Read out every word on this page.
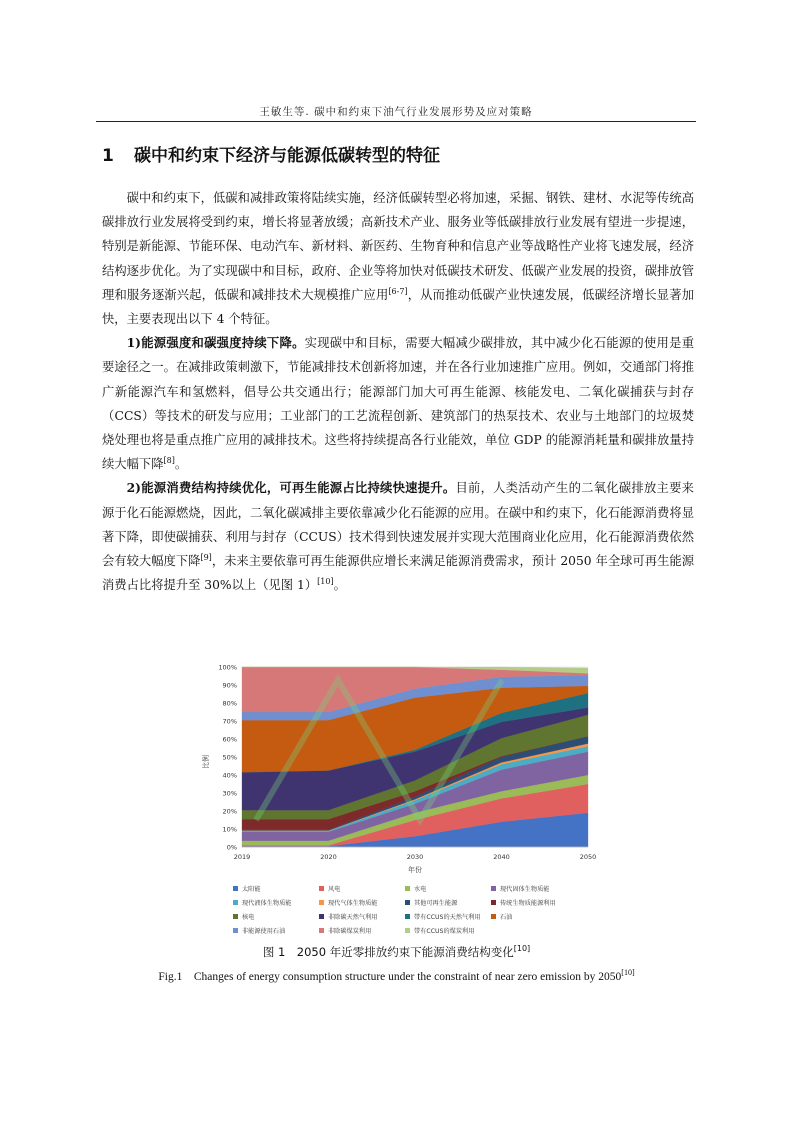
王敏生等. 碳中和约束下油气行业发展形势及应对策略
1 碳中和约束下经济与能源低碳转型的特征

碳中和约束下，低碳和减排政策将陆续实施，经济低碳转型必将加速，采掘、钢铁、建材、水泥等传统高碳排放行业发展将受到约束，增长将显著放缓；高新技术产业、服务业等低碳排放行业发展有望进一步提速，特别是新能源、节能环保、电动汽车、新材料、新医药、生物育种和信息产业等战略性产业将飞速发展，经济结构逐步优化。为了实现碳中和目标，政府、企业等将加快对低碳技术研发、低碳产业发展的投资，碳排放管理和服务逐渐兴起，低碳和减排技术大规模推广应用[6-7]，从而推动低碳产业快速发展，低碳经济增长显著加快，主要表现出以下 4 个特征。

1)能源强度和碳强度持续下降。实现碳中和目标，需要大幅减少碳排放，其中减少化石能源的使用是重要途径之一。在减排政策刺激下，节能减排技术创新将加速，并在各行业加速推广应用。例如，交通部门将推广新能源汽车和氢燃料，倡导公共交通出行；能源部门加大可再生能源、核能发电、二氧化碳捕获与封存（CCS）等技术的研发与应用；工业部门的工艺流程创新、建筑部门的热泵技术、农业与土地部门的垃圾焚烧处理也将是重点推广应用的减排技术。这些将持续提高各行业能效，单位 GDP 的能源消耗量和碳排放量持续大幅下降[8]。

2)能源消费结构持续优化，可再生能源占比持续快速提升。目前，人类活动产生的二氧化碳排放主要来源于化石能源燃烧，因此，二氧化碳减排主要依靠减少化石能源的应用。在碳中和约束下，化石能源消费将显著下降，即使碳捕获、利用与封存（CCUS）技术得到快速发展并实现大范围商业化应用，化石能源消费依然会有较大幅度下降[9]，未来主要依靠可再生能源供应增长来满足能源消费需求，预计 2050 年全球可再生能源消费占比将提升至 30%以上（见图 1）[10]。

0%
10%
20%
30%
40%
50%
60%
70%
80%
90%
100%
2019	2020	2030	2040	2050
比例
年份
太阳能	风电	水电	现代固体生物质能
现代液体生物质能	现代气体生物质能	其他可再生能源	传统生物质能源利用
核电	非除碳天然气利用	带有CCUS的天然气利用	石油
非能源使用石油	非除碳煤炭利用	带有CCUS的煤炭利用
图 1　2050 年近零排放约束下能源消费结构变化[10]
Fig.1　Changes of energy consumption structure under the constraint of near zero emission by 2050[10]
